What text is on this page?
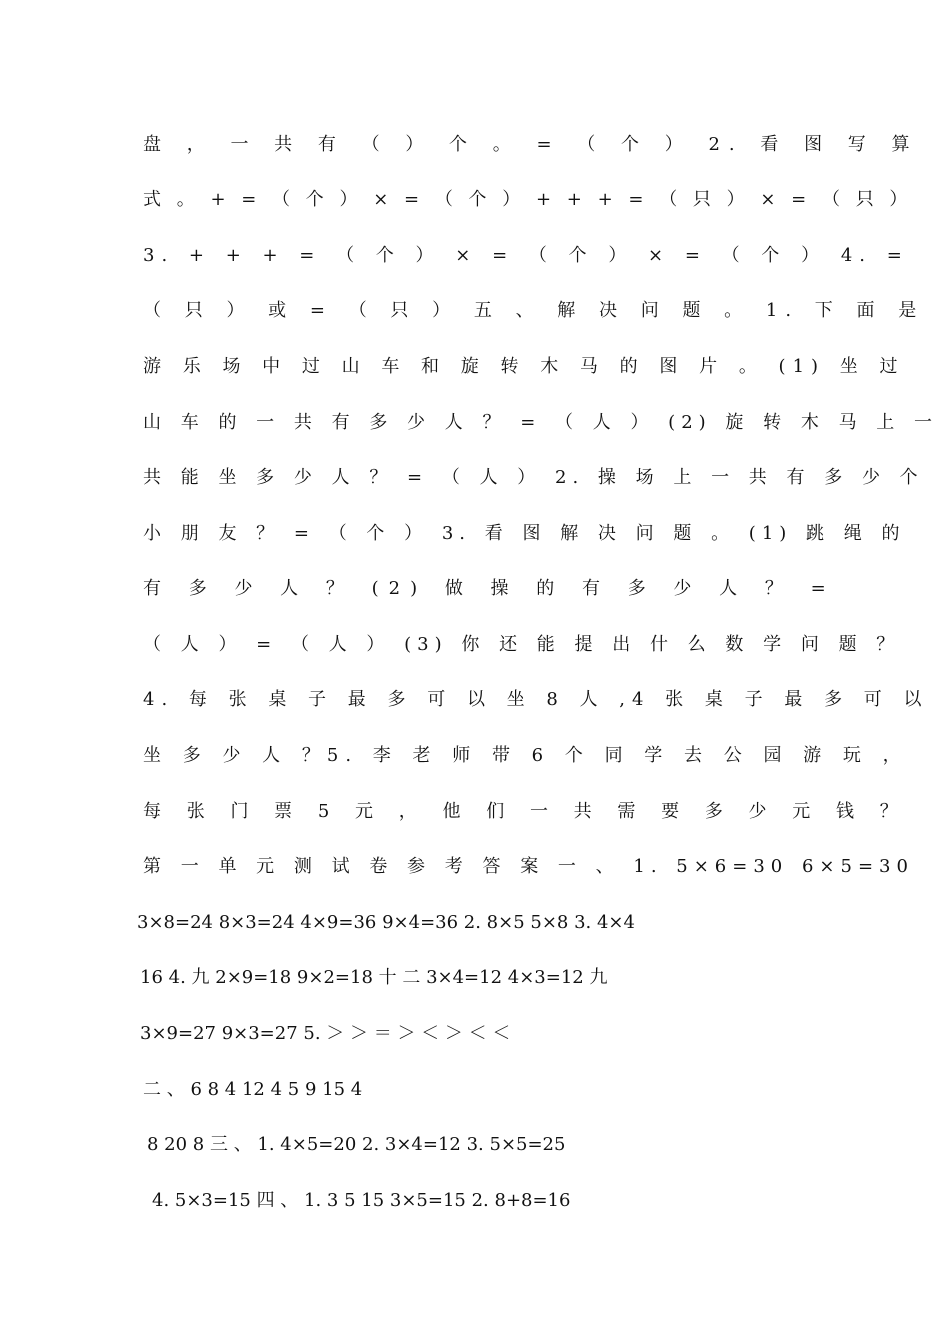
盘 ， 一 共 有 （ ） 个 。 = （ 个 ） 2. 看 图 写 算
式 。 + = （ 个 ） × = （ 个 ） + + + = （ 只 ） × = （ 只 ）
3. + + + = （ 个 ） × = （ 个 ） × = （ 个 ） 4. =
（ 只 ） 或 = （ 只 ） 五 、 解 决 问 题 。 1. 下 面 是
游 乐 场 中 过 山 车 和 旋 转 木 马 的 图 片 。 (1) 坐 过
山 车 的 一 共 有 多 少 人 ？ = （ 人 ） (2) 旋 转 木 马 上 一
共 能 坐 多 少 人 ？ = （ 人 ） 2. 操 场 上 一 共 有 多 少 个
小 朋 友 ？ = （ 个 ） 3. 看 图 解 决 问 题 。 (1) 跳 绳 的
有 多 少 人 ？ (2) 做 操 的 有 多 少 人 ？ =
（ 人 ） = （ 人 ） (3) 你 还 能 提 出 什 么 数 学 问 题 ？
4. 每 张 桌 子 最 多 可 以 坐 8 人 ,4 张 桌 子 最 多 可 以
坐 多 少 人 ？5. 李 老 师 带 6 个 同 学 去 公 园 游 玩 ，
每 张 门 票 5 元 ， 他 们 一 共 需 要 多 少 元 钱 ？
第 一 单 元 测 试 卷 参 考 答 案 一 、 1. 5×6=30 6×5=30
3×8=24 8×3=24 4×9=36 9×4=36 2. 8×5 5×8 3. 4×4
16 4. 九 2×9=18 9×2=18 十 二 3×4=12 4×3=12 九
3×9=27 9×3=27 5. ＞ ＞ ＝ ＞ ＜ ＞ ＜ ＜
二 、 6 8 4 12 4 5 9 15 4
8 20 8 三 、 1. 4×5=20 2. 3×4=12 3. 5×5=25
4. 5×3=15 四 、 1. 3 5 15 3×5=15 2. 8+8=16
